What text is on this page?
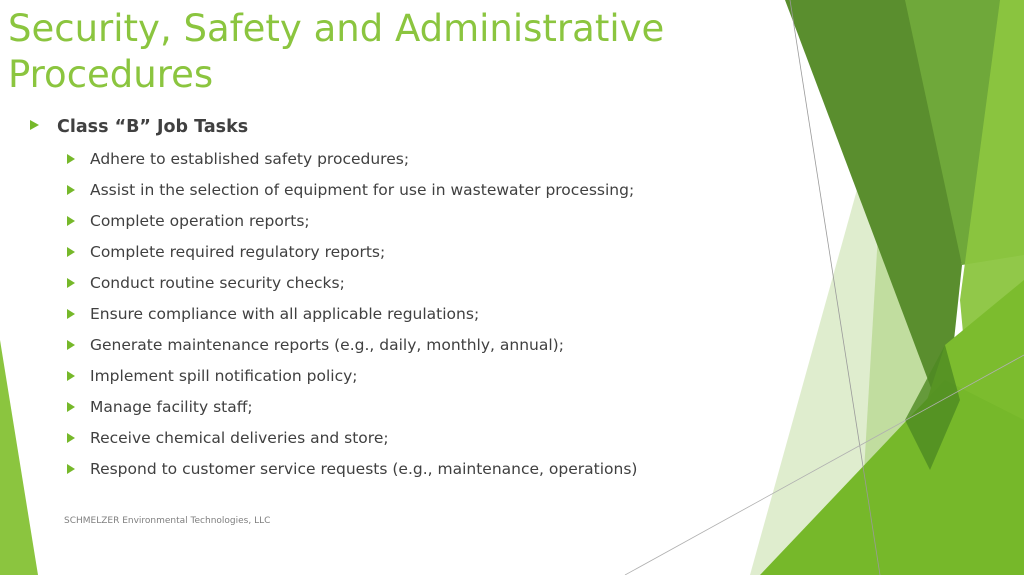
Security, Safety and Administrative Procedures
Class “B” Job Tasks
Adhere to established safety procedures;
Assist in the selection of equipment for use in wastewater processing;
Complete operation reports;
Complete required regulatory reports;
Conduct routine security checks;
Ensure compliance with all applicable regulations;
Generate maintenance reports (e.g., daily, monthly, annual);
Implement spill notification policy;
Manage facility staff;
Receive chemical deliveries and store;
Respond to customer service requests (e.g., maintenance, operations)
SCHMELZER Environmental Technologies, LLC
